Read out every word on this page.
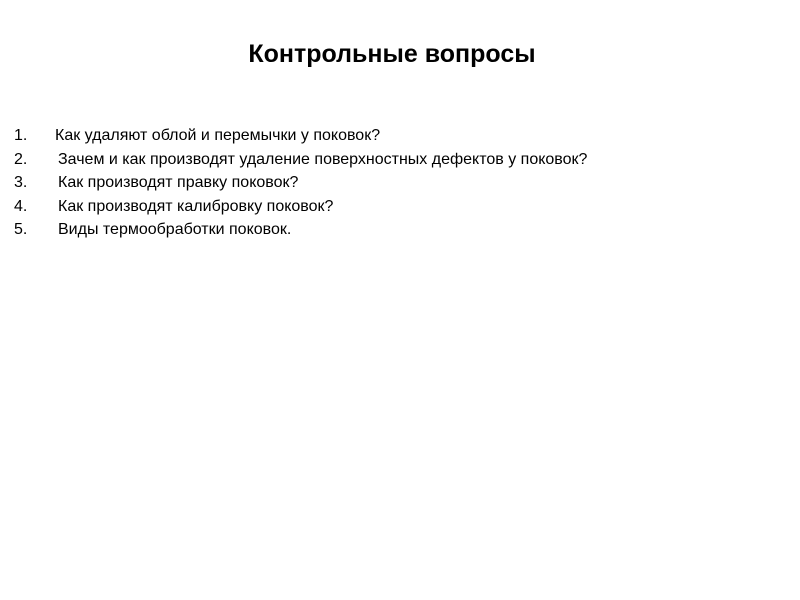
Контрольные вопросы
1.	Как удаляют облой и перемычки у поковок?
2.	Зачем и как производят удаление поверхностных дефектов у поковок?
3.	Как производят правку поковок?
4.	Как производят калибровку поковок?
5.	Виды термообработки поковок.
